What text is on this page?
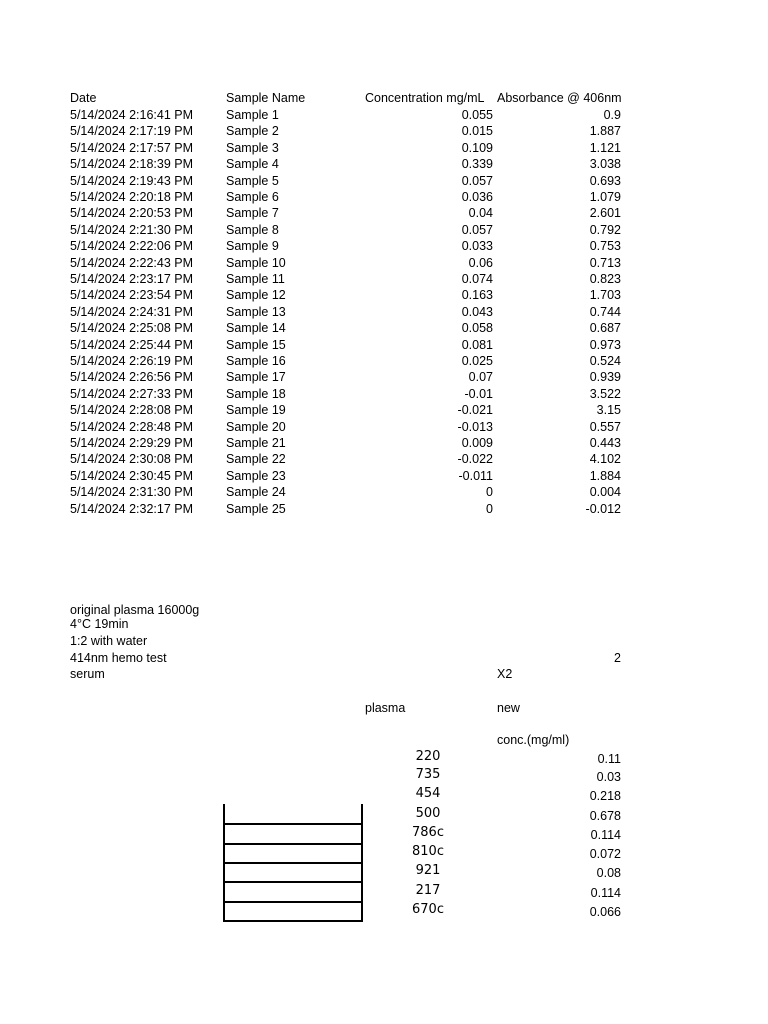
Date	Sample Name	Concentration mg/mL Absorbance @ 406nm
5/14/2024 2:16:41 PM	Sample 1	0.055	0.9
5/14/2024 2:17:19 PM	Sample 2	0.015	1.887
5/14/2024 2:17:57 PM	Sample 3	0.109	1.121
5/14/2024 2:18:39 PM	Sample 4	0.339	3.038
5/14/2024 2:19:43 PM	Sample 5	0.057	0.693
5/14/2024 2:20:18 PM	Sample 6	0.036	1.079
5/14/2024 2:20:53 PM	Sample 7	0.04	2.601
5/14/2024 2:21:30 PM	Sample 8	0.057	0.792
5/14/2024 2:22:06 PM	Sample 9	0.033	0.753
5/14/2024 2:22:43 PM	Sample 10	0.06	0.713
5/14/2024 2:23:17 PM	Sample 11	0.074	0.823
5/14/2024 2:23:54 PM	Sample 12	0.163	1.703
5/14/2024 2:24:31 PM	Sample 13	0.043	0.744
5/14/2024 2:25:08 PM	Sample 14	0.058	0.687
5/14/2024 2:25:44 PM	Sample 15	0.081	0.973
5/14/2024 2:26:19 PM	Sample 16	0.025	0.524
5/14/2024 2:26:56 PM	Sample 17	0.07	0.939
5/14/2024 2:27:33 PM	Sample 18	-0.01	3.522
5/14/2024 2:28:08 PM	Sample 19	-0.021	3.15
5/14/2024 2:28:48 PM	Sample 20	-0.013	0.557
5/14/2024 2:29:29 PM	Sample 21	0.009	0.443
5/14/2024 2:30:08 PM	Sample 22	-0.022	4.102
5/14/2024 2:30:45 PM	Sample 23	-0.011	1.884
5/14/2024 2:31:30 PM	Sample 24	0	0.004
5/14/2024 2:32:17 PM	Sample 25	0	-0.012
original plasma 16000g
4°C 19min
1:2 with water
414nm hemo test
serum
2
X2
plasma	new
conc.(mg/ml)
220	0.11
735	0.03
454	0.218
500	0.678
786c	0.114
810c	0.072
921	0.08
217	0.114
670c	0.066
